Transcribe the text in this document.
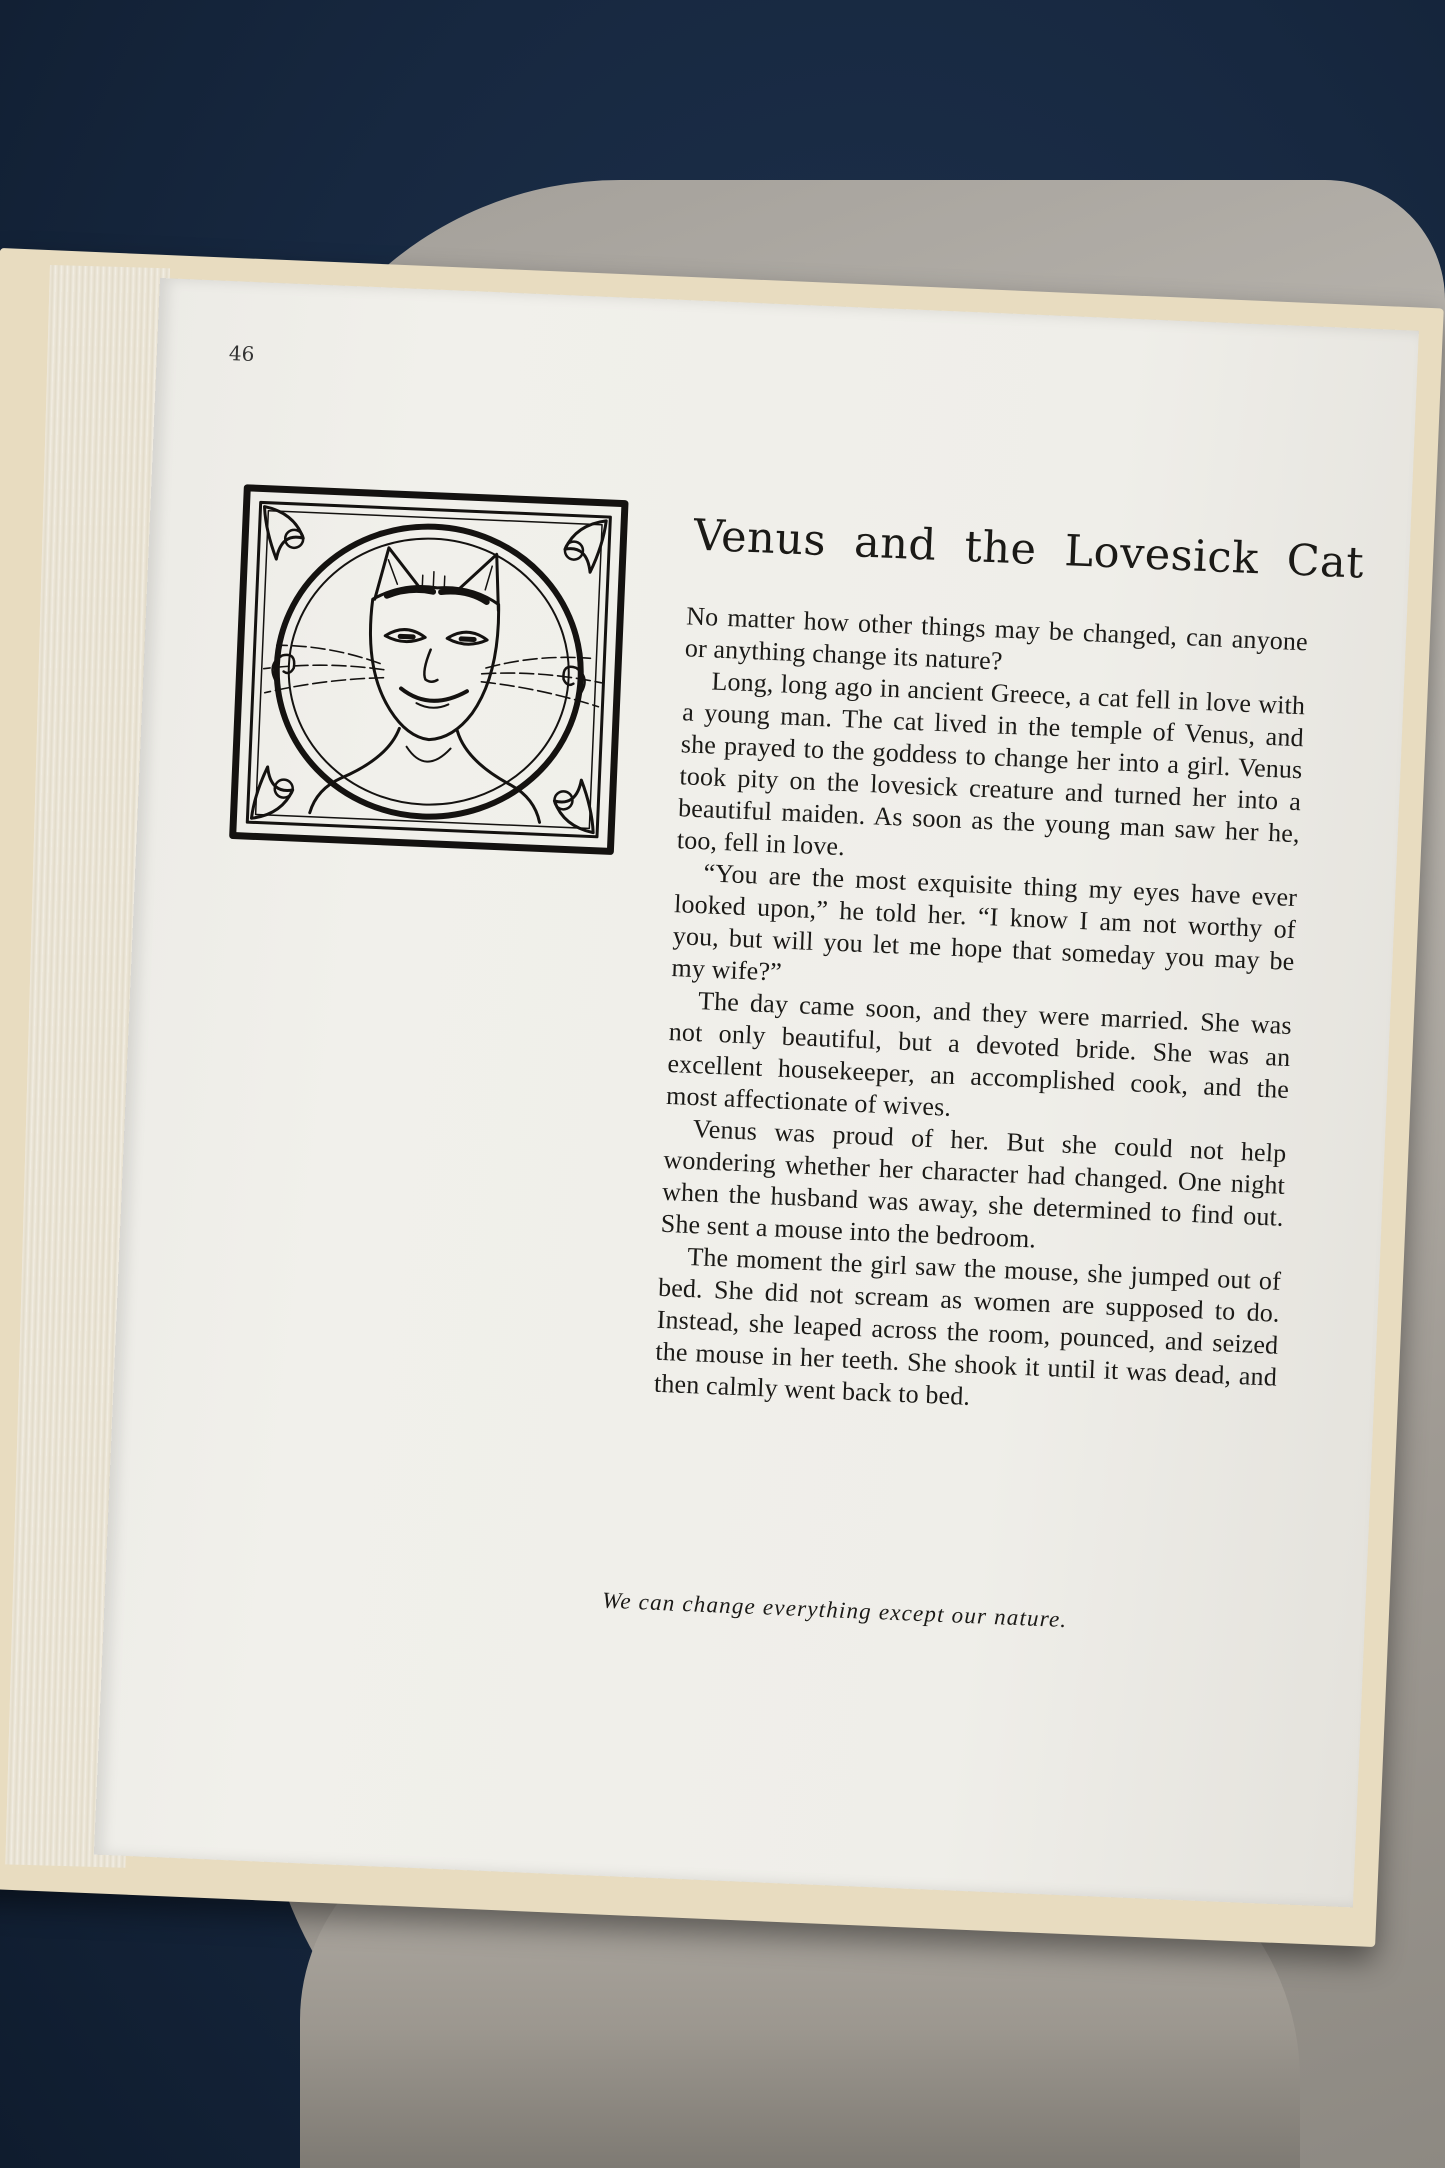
46
Venus and the Lovesick Cat

No matter how other things may be changed, can anyone or anything change its nature?

Long, long ago in ancient Greece, a cat fell in love with a young man. The cat lived in the temple of Venus, and she prayed to the goddess to change her into a girl. Venus took pity on the lovesick creature and turned her into a beautiful maiden. As soon as the young man saw her he, too, fell in love.

“You are the most exquisite thing my eyes have ever looked upon,” he told her. “I know I am not worthy of you, but will you let me hope that someday you may be my wife?”

The day came soon, and they were married. She was not only beautiful, but a devoted bride. She was an excellent housekeeper, an accomplished cook, and the most affectionate of wives.

Venus was proud of her. But she could not help wondering whether her character had changed. One night when the husband was away, she determined to find out. She sent a mouse into the bedroom.

The moment the girl saw the mouse, she jumped out of bed. She did not scream as women are supposed to do. Instead, she leaped across the room, pounced, and seized the mouse in her teeth. She shook it until it was dead, and then calmly went back to bed.

We can change everything except our nature.
